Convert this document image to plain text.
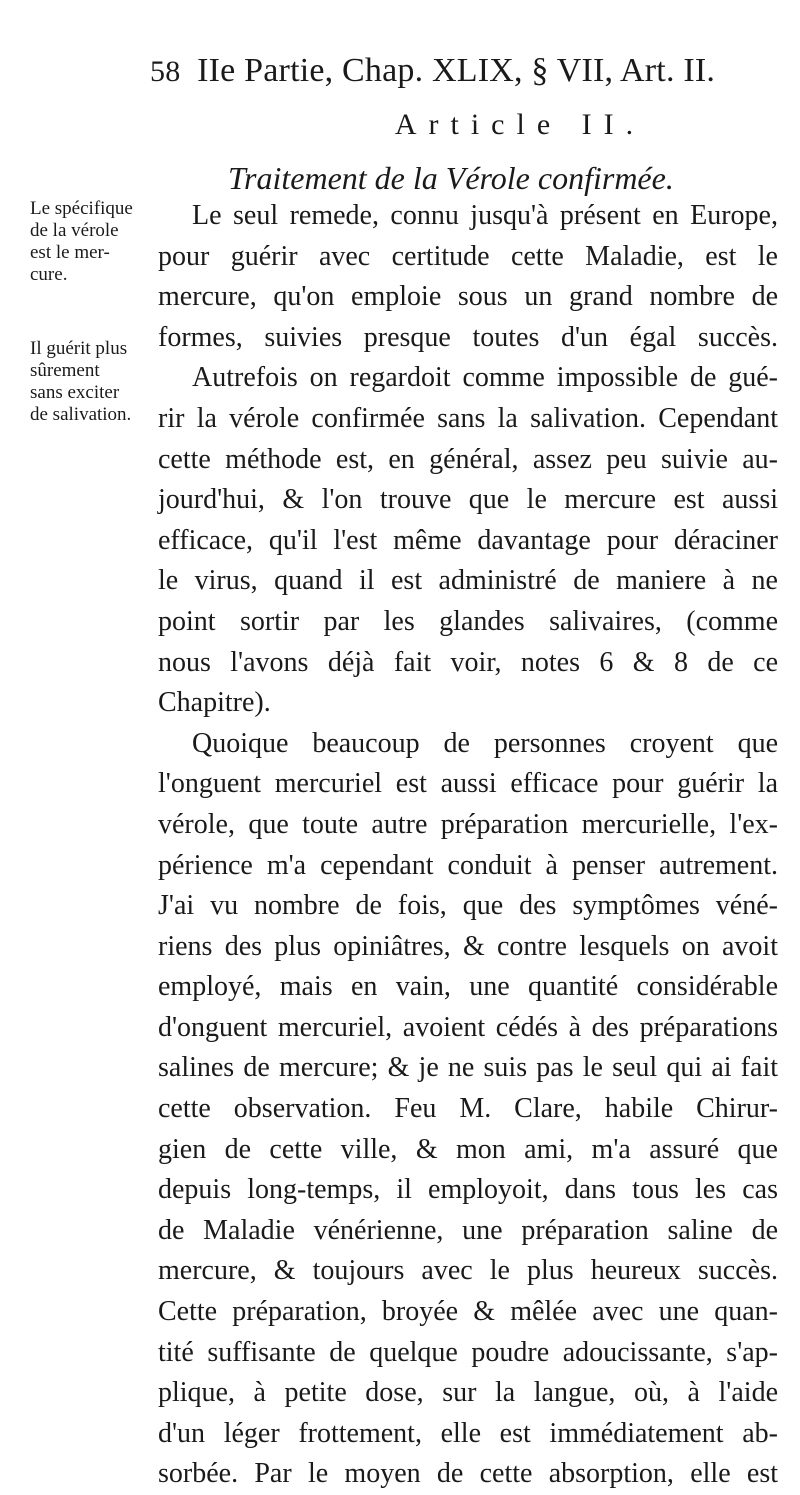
58 IIe Partie, Chap. XLIX, § VII, Art. II.
Article II.
Traitement de la Vérole confirmée.
Le spécifique
de la vérole
est le mer-
cure.
Il guérit plus
sûrement
sans exciter
de salivation.
Le seul remede, connu jusqu'à présent en Europe,
pour guérir avec certitude cette Maladie, est le
mercure, qu'on emploie sous un grand nombre de
formes, suivies presque toutes d'un égal succès.
Autrefois on regardoit comme impossible de gué-
rir la vérole confirmée sans la salivation. Cependant
cette méthode est, en général, assez peu suivie au-
jourd'hui, & l'on trouve que le mercure est aussi
efficace, qu'il l'est même davantage pour déraciner
le virus, quand il est administré de maniere à ne
point sortir par les glandes salivaires, (comme
nous l'avons déjà fait voir, notes 6 & 8 de ce
Chapitre).
Quoique beaucoup de personnes croyent que
l'onguent mercuriel est aussi efficace pour guérir la
vérole, que toute autre préparation mercurielle, l'ex-
périence m'a cependant conduit à penser autrement.
J'ai vu nombre de fois, que des symptômes véné-
riens des plus opiniâtres, & contre lesquels on avoit
employé, mais en vain, une quantité considérable
d'onguent mercuriel, avoient cédés à des préparations
salines de mercure; & je ne suis pas le seul qui ai fait
cette observation. Feu M. Clare, habile Chirur-
gien de cette ville, & mon ami, m'a assuré que
depuis long-temps, il employoit, dans tous les cas
de Maladie vénérienne, une préparation saline de
mercure, & toujours avec le plus heureux succès.
Cette préparation, broyée & mêlée avec une quan-
tité suffisante de quelque poudre adoucissante, s'ap-
plique, à petite dose, sur la langue, où, à l'aide
d'un léger frottement, elle est immédiatement ab-
sorbée. Par le moyen de cette absorption, elle est
